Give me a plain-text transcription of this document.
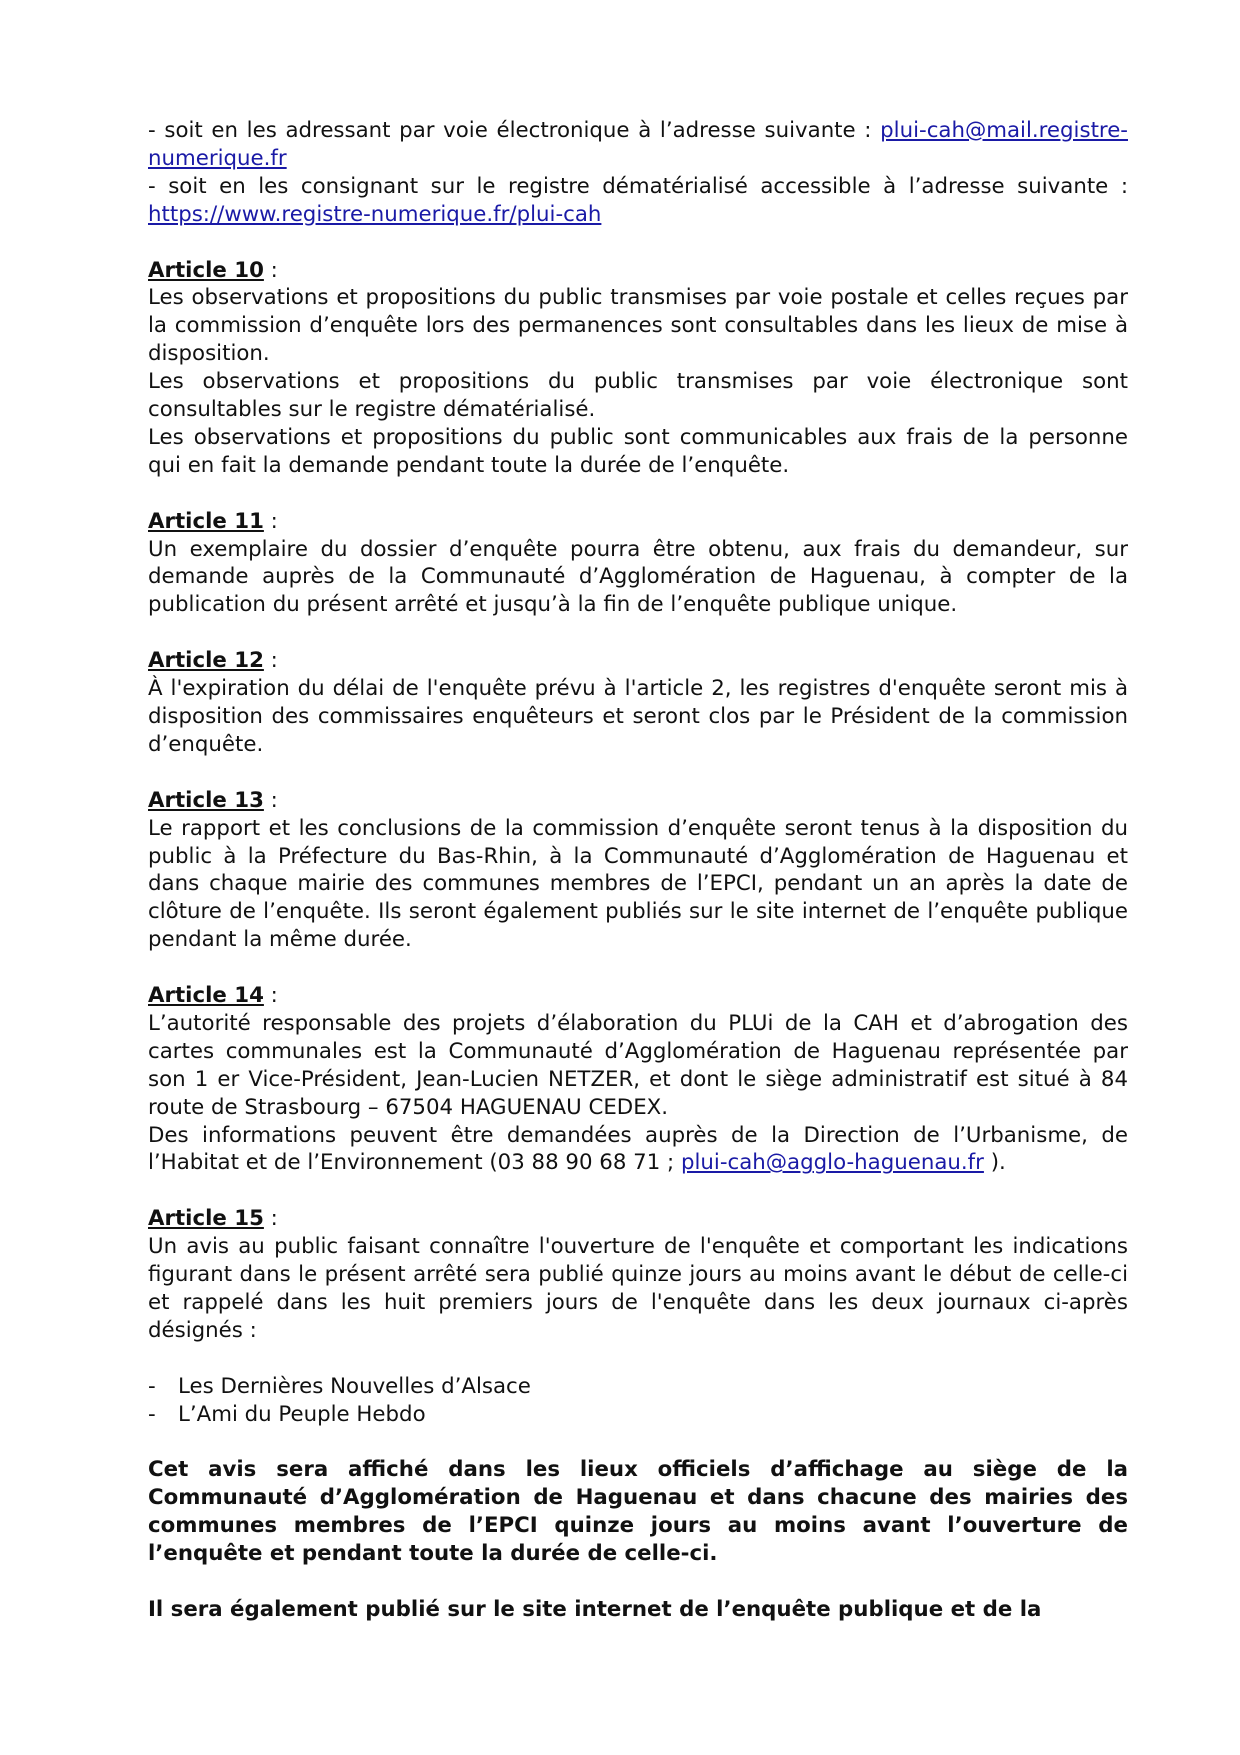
- soit en les adressant par voie électronique à l’adresse suivante : plui-cah@mail.registre-numerique.fr

- soit en les consignant sur le registre dématérialisé accessible à l’adresse suivante : https://www.registre-numerique.fr/plui-cah

Article 10 :

Les observations et propositions du public transmises par voie postale et celles reçues par la commission d’enquête lors des permanences sont consultables dans les lieux de mise à disposition.

Les observations et propositions du public transmises par voie électronique sont consultables sur le registre dématérialisé.

Les observations et propositions du public sont communicables aux frais de la personne qui en fait la demande pendant toute la durée de l’enquête.

Article 11 :

Un exemplaire du dossier d’enquête pourra être obtenu, aux frais du demandeur, sur demande auprès de la Communauté d’Agglomération de Haguenau, à compter de la publication du présent arrêté et jusqu’à la fin de l’enquête publique unique.

Article 12 :

À l'expiration du délai de l'enquête prévu à l'article 2, les registres d'enquête seront mis à disposition des commissaires enquêteurs et seront clos par le Président de la commission d’enquête.

Article 13 :

Le rapport et les conclusions de la commission d’enquête seront tenus à la disposition du public à la Préfecture du Bas-Rhin, à la Communauté d’Agglomération de Haguenau et dans chaque mairie des communes membres de l’EPCI, pendant un an après la date de clôture de l’enquête. Ils seront également publiés sur le site internet de l’enquête publique pendant la même durée.

Article 14 :

L’autorité responsable des projets d’élaboration du PLUi de la CAH et d’abrogation des cartes communales est la Communauté d’Agglomération de Haguenau représentée par son 1 er Vice-Président, Jean-Lucien NETZER, et dont le siège administratif est situé à 84 route de Strasbourg – 67504 HAGUENAU CEDEX.

Des informations peuvent être demandées auprès de la Direction de l’Urbanisme, de l’Habitat et de l’Environnement (03 88 90 68 71 ; plui-cah@agglo-haguenau.fr ).

Article 15 :

Un avis au public faisant connaître l'ouverture de l'enquête et comportant les indications figurant dans le présent arrêté sera publié quinze jours au moins avant le début de celle-ci et rappelé dans les huit premiers jours de l'enquête dans les deux journaux ci-après désignés :

- Les Dernières Nouvelles d’Alsace

- L’Ami du Peuple Hebdo

Cet avis sera affiché dans les lieux officiels d’affichage au siège de la Communauté d’Agglomération de Haguenau et dans chacune des mairies des communes membres de l’EPCI quinze jours au moins avant l’ouverture de l’enquête et pendant toute la durée de celle-ci.

Il sera également publié sur le site internet de l’enquête publique et de la
